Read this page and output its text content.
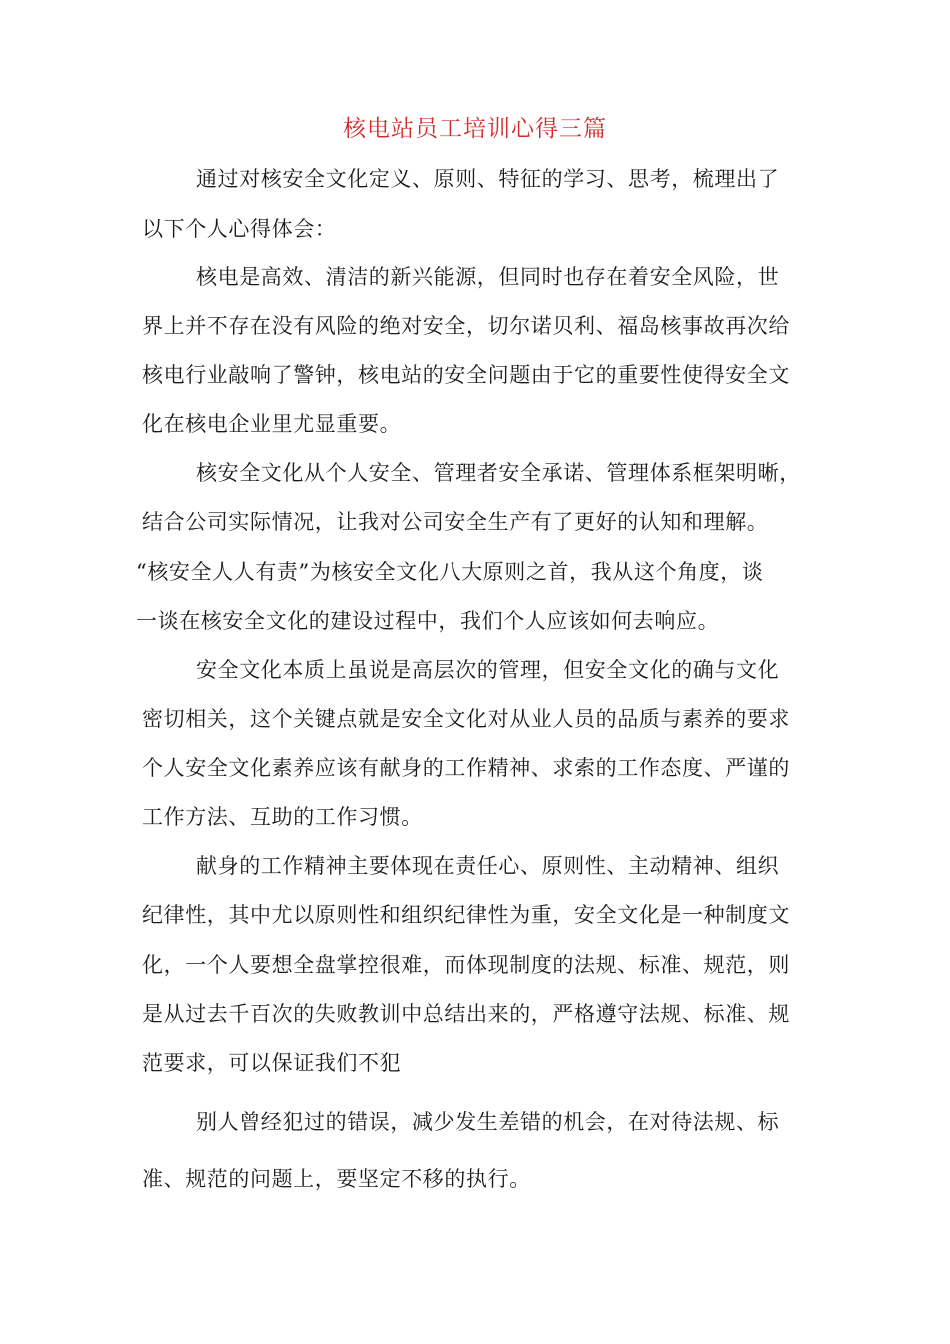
核电站员工培训心得三篇
通过对核安全文化定义、原则、特征的学习、思考，梳理出了
以下个人心得体会：
核电是高效、清洁的新兴能源，但同时也存在着安全风险，世
界上并不存在没有风险的绝对安全，切尔诺贝利、福岛核事故再次给
核电行业敲响了警钟，核电站的安全问题由于它的重要性使得安全文
化在核电企业里尤显重要。
核安全文化从个人安全、管理者安全承诺、管理体系框架明晰，
结合公司实际情况，让我对公司安全生产有了更好的认知和理解。
“核安全人人有责”为核安全文化八大原则之首，我从这个角度，谈
一谈在核安全文化的建设过程中，我们个人应该如何去响应。
安全文化本质上虽说是高层次的管理，但安全文化的确与文化
密切相关，这个关键点就是安全文化对从业人员的品质与素养的要求
个人安全文化素养应该有献身的工作精神、求索的工作态度、严谨的
工作方法、互助的工作习惯。
献身的工作精神主要体现在责任心、原则性、主动精神、组织
纪律性，其中尤以原则性和组织纪律性为重，安全文化是一种制度文
化，一个人要想全盘掌控很难，而体现制度的法规、标准、规范，则
是从过去千百次的失败教训中总结出来的，严格遵守法规、标准、规
范要求，可以保证我们不犯
别人曾经犯过的错误，减少发生差错的机会，在对待法规、标
准、规范的问题上，要坚定不移的执行。
